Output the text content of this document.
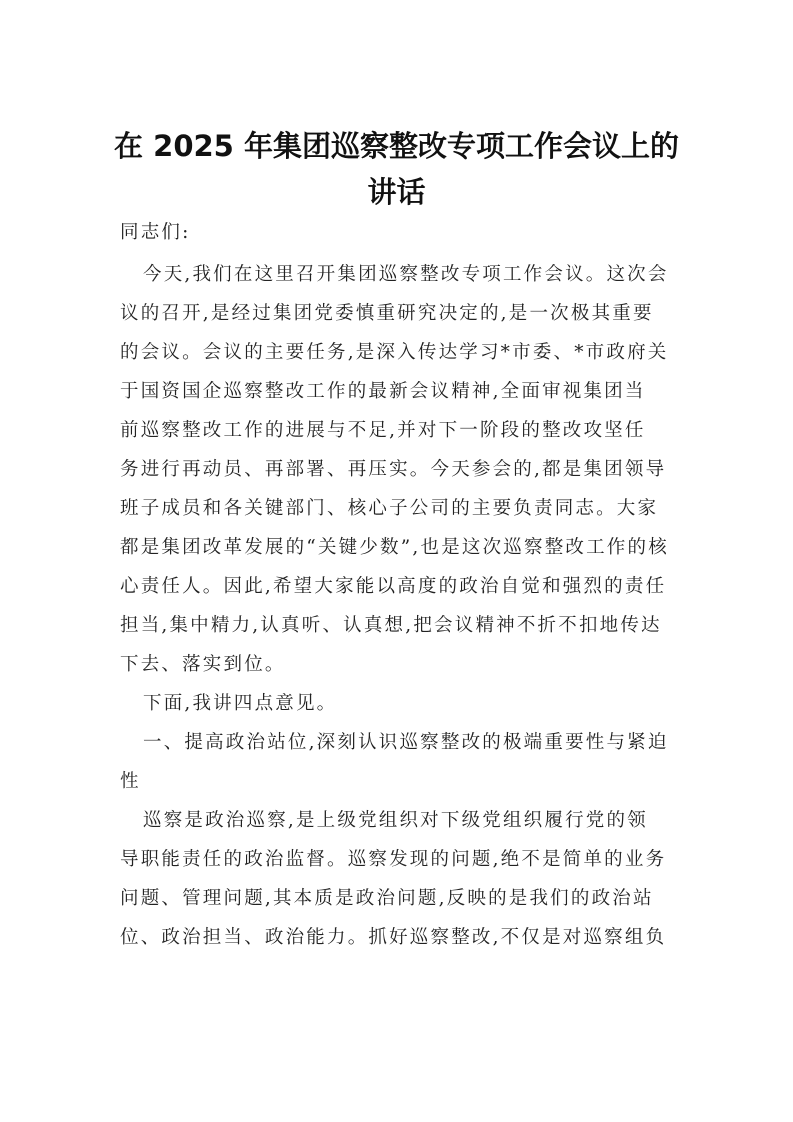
在 2025 年集团巡察整改专项工作会议上的
讲话
同志们:
今天,我们在这里召开集团巡察整改专项工作会议。这次会
议的召开,是经过集团党委慎重研究决定的,是一次极其重要
的会议。会议的主要任务,是深入传达学习*市委、*市政府关
于国资国企巡察整改工作的最新会议精神,全面审视集团当
前巡察整改工作的进展与不足,并对下一阶段的整改攻坚任
务进行再动员、再部署、再压实。今天参会的,都是集团领导
班子成员和各关键部门、核心子公司的主要负责同志。大家
都是集团改革发展的“关键少数”,也是这次巡察整改工作的核
心责任人。因此,希望大家能以高度的政治自觉和强烈的责任
担当,集中精力,认真听、认真想,把会议精神不折不扣地传达
下去、落实到位。
下面,我讲四点意见。
一、提高政治站位,深刻认识巡察整改的极端重要性与紧迫
性
巡察是政治巡察,是上级党组织对下级党组织履行党的领
导职能责任的政治监督。巡察发现的问题,绝不是简单的业务
问题、管理问题,其本质是政治问题,反映的是我们的政治站
位、政治担当、政治能力。抓好巡察整改,不仅是对巡察组负
